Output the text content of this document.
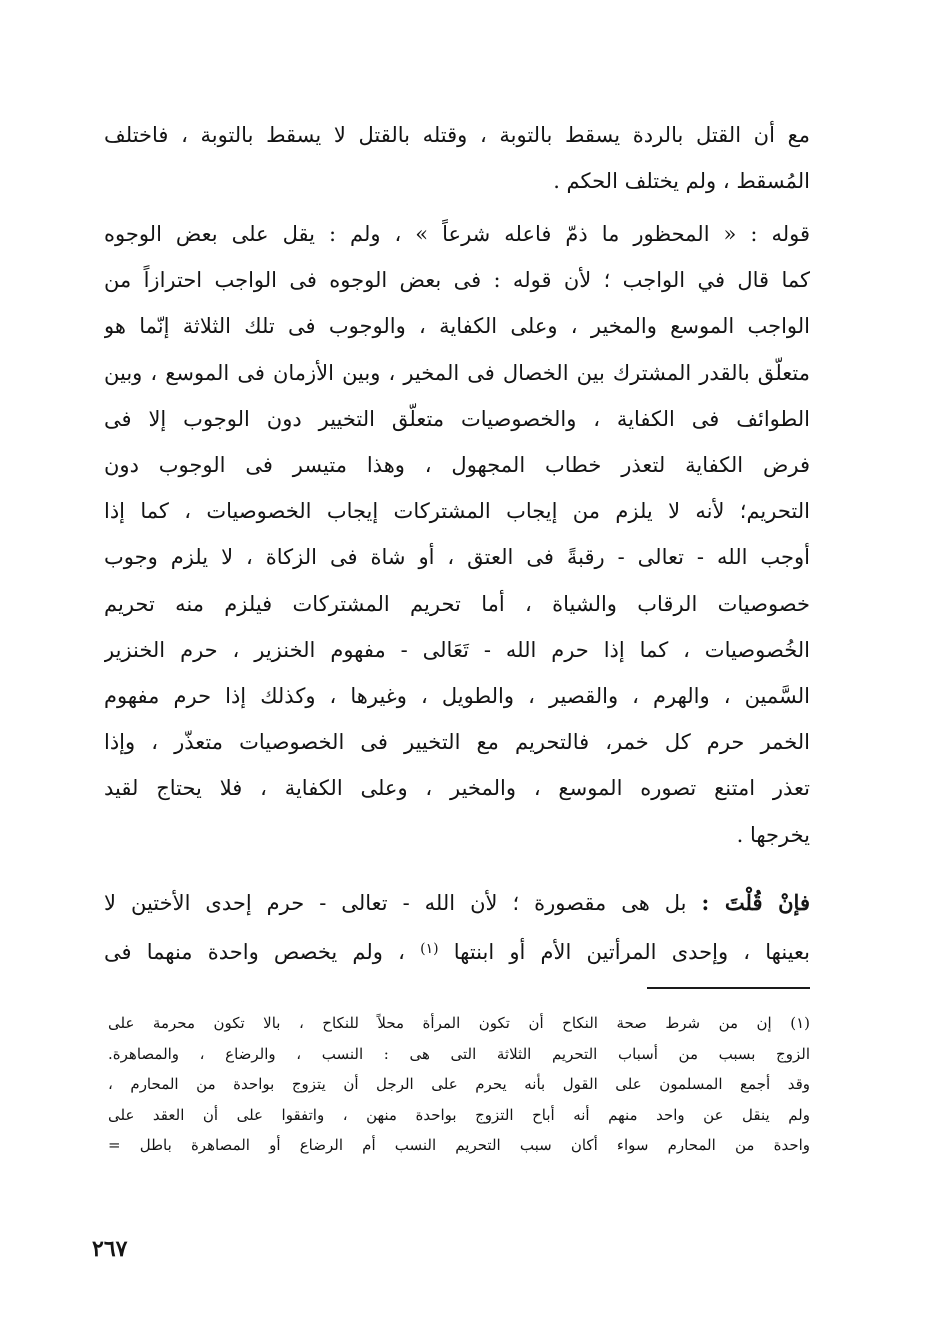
مع أن القتل بالردة يسقط بالتوبة ، وقتله بالقتل لا يسقط بالتوبة ، فاختلف
المُسقط ، ولم يختلف الحكم .
قوله : « المحظور ما ذمّ فاعله شرعاً » ، ولم : يقل على بعض الوجوه
كما قال في الواجب ؛ لأن قوله : فى بعض الوجوه فى الواجب احترازاً من
الواجب الموسع والمخير ، وعلى الكفاية ، والوجوب فى تلك الثلاثة إنّما هو
متعلّق بالقدر المشترك بين الخصال فى المخير ، وبين الأزمان فى الموسع ، وبين
الطوائف فى الكفاية ، والخصوصيات متعلّق التخيير دون الوجوب إلا فى
فرض الكفاية لتعذر خطاب المجهول ، وهذا متيسر فى الوجوب دون
التحريم؛ لأنه لا يلزم من إيجاب المشتركات إيجاب الخصوصيات ، كما إذا
أوجب الله - تعالى - رقبةً فى العتق ، أو شاة فى الزكاة ، لا يلزم وجوب
خصوصيات الرقاب والشياة ، أما تحريم المشتركات فيلزم منه تحريم
الخُصوصيات ، كما إذا حرم الله - تَعَالى - مفهوم الخنزير ، حرم الخنزير
السَّمين ، والهرم ، والقصير ، والطويل ، وغيرها ، وكذلك إذا حرم مفهوم
الخمر حرم كل خمر، فالتحريم مع التخيير فى الخصوصيات متعذّر ، وإذا
تعذر امتنع تصوره الموسع ، والمخير ، وعلى الكفاية ، فلا يحتاج لقيد
يخرجها .
فإنْ قُلْتَ : بل هى مقصورة ؛ لأن الله - تعالى - حرم إحدى الأختين لا
بعينها ، وإحدى المرأتين الأم أو ابنتها $^{(١)}$ ، ولم يخصص واحدة منهما فى
(١) إن من شرط صحة النكاح أن تكون المرأة محلاً للنكاح ، بالا تكون محرمة على
الزوج بسبب من أسباب التحريم الثلاثة التى هى : النسب ، والرضاع ، والمصاهرة.
وقد أجمع المسلمون على القول بأنه يحرم على الرجل أن يتزوج بواحدة من المحارم ،
ولم ينقل عن واحد منهم أنه أباح التزوج بواحدة منهن ، واتفقوا على أن العقد على
واحدة من المحارم سواء أكان سبب التحريم النسب أم الرضاع أو المصاهرة باطل =
٢٦٧
